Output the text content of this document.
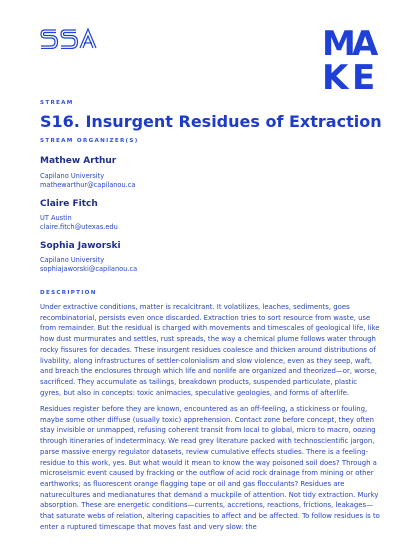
M
A
K E
STREAM
S16. Insurgent Residues of Extraction
STREAM ORGANIZER(S)
Mathew Arthur
Capilano University
mathewarthur@capilanou.ca
Claire Fitch
UT Austin
claire.fitch@utexas.edu
Sophia Jaworski
Capilano University
sophiajaworski@capilanou.ca
DESCRIPTION
Under extractive conditions, matter is recalcitrant. It volatilizes, leaches, sediments, goes recombinatorial, persists even once discarded. Extraction tries to sort resource from waste, use from remainder. But the residual is charged with movements and timescales of geological life, like how dust murmurates and settles, rust spreads, the way a chemical plume follows water through rocky fissures for decades. These insurgent residues coalesce and thicken around distributions of livability, along infrastructures of settler-colonialism and slow violence, even as they seep, waft, and breach the enclosures through which life and nonlife are organized and theorized—or, worse, sacrificed. They accumulate as tailings, breakdown products, suspended particulate, plastic gyres, but also in concepts: toxic animacies, speculative geologies, and forms of afterlife.
Residues register before they are known, encountered as an off-feeling, a stickiness or fouling, maybe some other diffuse (usually toxic) apprehension. Contact zone before concept, they often stay invisible or unmapped, refusing coherent transit from local to global, micro to macro, oozing through itineraries of indeterminacy. We read grey literature packed with technoscientific jargon, parse massive energy regulator datasets, review cumulative effects studies. There is a feeling-residue to this work, yes. But what would it mean to know the way poisoned soil does? Through a microseismic event caused by fracking or the outflow of acid rock drainage from mining or other earthworks; as fluorescent orange flagging tape or oil and gas flocculants? Residues are naturecultures and medianatures that demand a muckpile of attention. Not tidy extraction. Murky absorption. These are energetic conditions—currents, accretions, reactions, frictions, leakages—that saturate webs of relation, altering capacities to affect and be affected. To follow residues is to enter a ruptured timescape that moves fast and very slow: the
